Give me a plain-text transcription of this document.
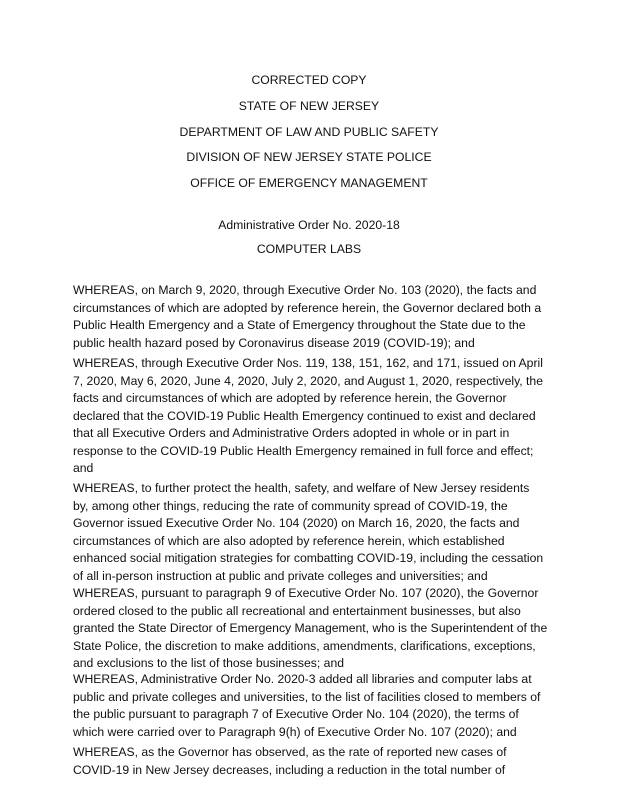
CORRECTED COPY
STATE OF NEW JERSEY
DEPARTMENT OF LAW AND PUBLIC SAFETY
DIVISION OF NEW JERSEY STATE POLICE
OFFICE OF EMERGENCY MANAGEMENT
Administrative Order No. 2020-18
COMPUTER LABS
WHEREAS, on March 9, 2020, through Executive Order No. 103 (2020), the facts and
circumstances of which are adopted by reference herein, the Governor declared both a
Public Health Emergency and a State of Emergency throughout the State due to the
public health hazard posed by Coronavirus disease 2019 (COVID-19); and
WHEREAS, through Executive Order Nos. 119, 138, 151, 162, and 171, issued on April
7, 2020, May 6, 2020, June 4, 2020, July 2, 2020, and August 1, 2020, respectively, the
facts and circumstances of which are adopted by reference herein, the Governor
declared that the COVID-19 Public Health Emergency continued to exist and declared
that all Executive Orders and Administrative Orders adopted in whole or in part in
response to the COVID-19 Public Health Emergency remained in full force and effect;
and
WHEREAS, to further protect the health, safety, and welfare of New Jersey residents
by, among other things, reducing the rate of community spread of COVID-19, the
Governor issued Executive Order No. 104 (2020) on March 16, 2020, the facts and
circumstances of which are also adopted by reference herein, which established
enhanced social mitigation strategies for combatting COVID-19, including the cessation
of all in-person instruction at public and private colleges and universities; and
WHEREAS, pursuant to paragraph 9 of Executive Order No. 107 (2020), the Governor
ordered closed to the public all recreational and entertainment businesses, but also
granted the State Director of Emergency Management, who is the Superintendent of the
State Police, the discretion to make additions, amendments, clarifications, exceptions,
and exclusions to the list of those businesses; and
WHEREAS, Administrative Order No. 2020-3 added all libraries and computer labs at
public and private colleges and universities, to the list of facilities closed to members of
the public pursuant to paragraph 7 of Executive Order No. 104 (2020), the terms of
which were carried over to Paragraph 9(h) of Executive Order No. 107 (2020); and
WHEREAS, as the Governor has observed, as the rate of reported new cases of
COVID-19 in New Jersey decreases, including a reduction in the total number of
